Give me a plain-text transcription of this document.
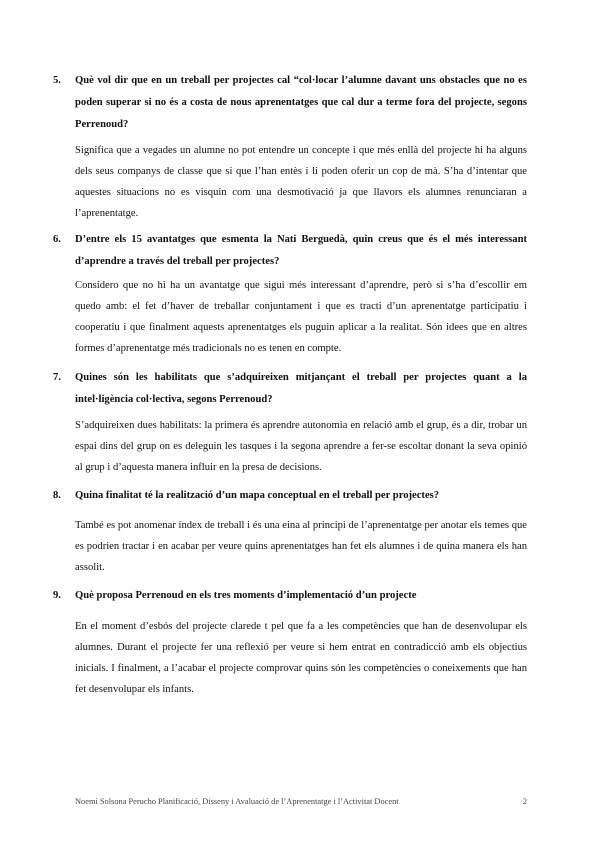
5.	Què vol dir que en un treball per projectes cal “col·locar l’alumne davant uns obstacles que no es poden superar si no és a costa de nous aprenentatges que cal dur a terme fora del projecte, segons Perrenoud?
Significa que a vegades un alumne no pot entendre un concepte i que més enllà del projecte hi ha alguns dels seus companys de classe que si que l’han entès i li poden oferir un cop de mà. S’ha d’intentar que aquestes situacions no es visquin com una desmotivació ja que llavors els alumnes renunciaran a l’aprenentatge.
6.	D’entre els 15 avantatges que esmenta la Nati Berguedà, quin creus que és el més interessant d’aprendre a través del treball per projectes?
Considero que no hi ha un avantatge que sigui més interessant d’aprendre, però si s’ha d’escollir em quedo amb: el fet d’haver de treballar conjuntament i que es tracti d’un aprenentatge participatiu i cooperatiu i que finalment aquests aprenentatges els puguin aplicar a la realitat. Són idees que en altres formes d’aprenentatge més tradicionals no es tenen en compte.
7.	Quines són les habilitats que s’adquireixen mitjançant el treball per projectes quant a la intel·ligència col·lectiva, segons Perrenoud?
S’adquireixen dues habilitats: la primera és aprendre autonomia en relació amb el grup, és a dir, trobar un espai dins del grup on es deleguin les tasques i la segona aprendre a fer-se escoltar donant la seva opinió al grup i d’aquesta manera influir en la presa de decisions.
8.	Quina finalitat té la realització d’un mapa conceptual en el treball per projectes?
També es pot anomenar índex de treball i és una eina al principi de l’aprenentatge per anotar els temes que es podrien tractar i en acabar per veure quins aprenentatges han fet els alumnes i de quina manera els han assolit.
9.	Què proposa Perrenoud en els tres moments d’implementació d’un projecte
En el moment d’esbós del projecte clarede t pel que fa a les competències que han de desenvolupar els alumnes. Durant el projecte fer una reflexió per veure si hem entrat en contradicció amb els objectius inicials. I finalment, a l’acabar el projecte comprovar quins són les competències o coneixements que han fet desenvolupar els infants.
Noemí Solsona Perucho Planificació, Disseny i Avaluació de l’Aprenentatge i l’Activitat Docent	2
